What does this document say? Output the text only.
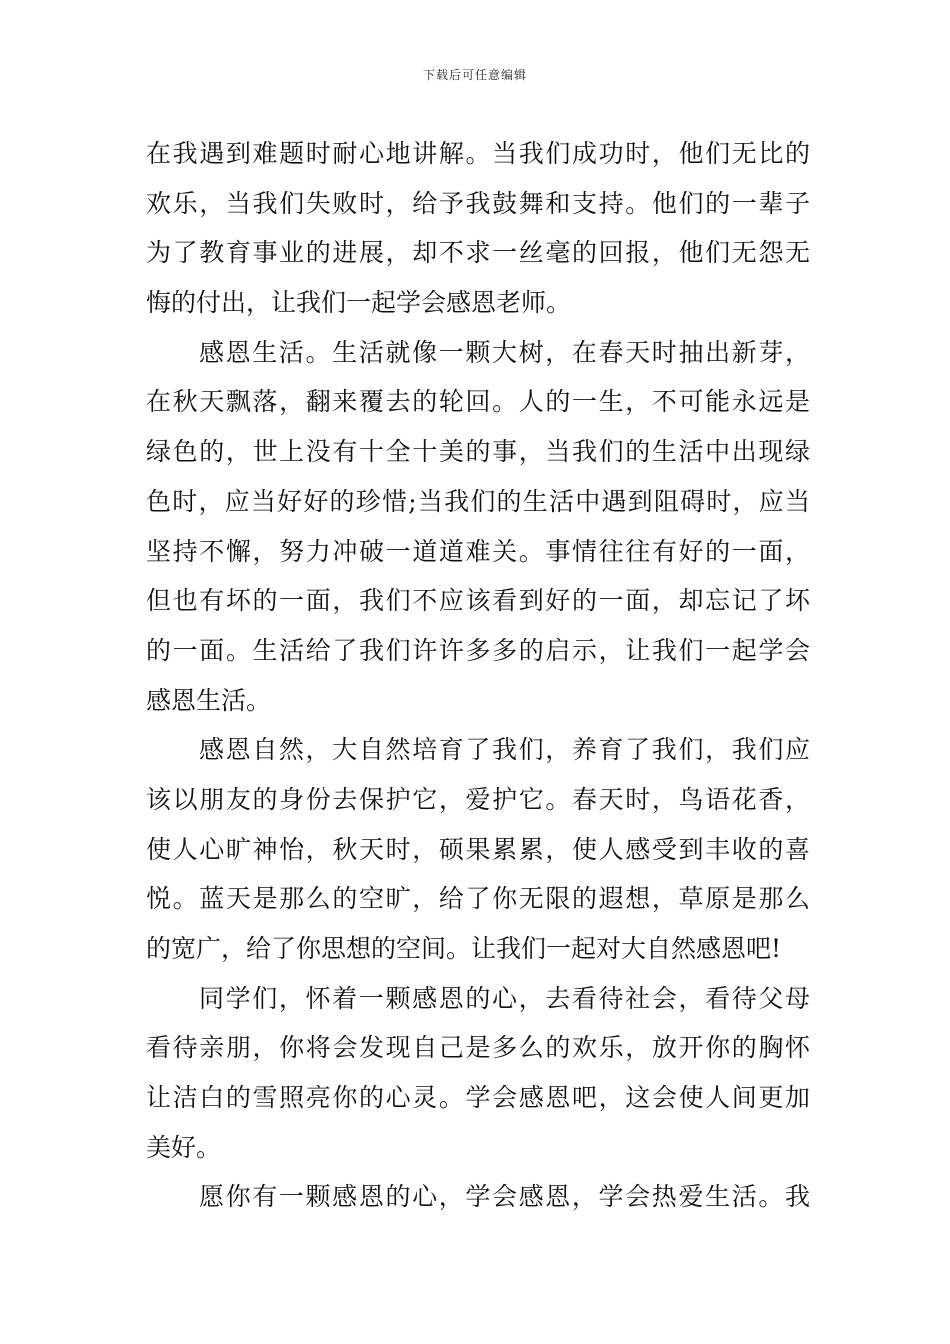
下载后可任意编辑
在我遇到难题时耐心地讲解。当我们成功时，他们无比的
欢乐，当我们失败时，给予我鼓舞和支持。他们的一辈子
为了教育事业的进展，却不求一丝毫的回报，他们无怨无
悔的付出，让我们一起学会感恩老师。
感恩生活。生活就像一颗大树，在春天时抽出新芽，
在秋天飘落，翻来覆去的轮回。人的一生，不可能永远是
绿色的，世上没有十全十美的事，当我们的生活中出现绿
色时，应当好好的珍惜;当我们的生活中遇到阻碍时，应当
坚持不懈，努力冲破一道道难关。事情往往有好的一面，
但也有坏的一面，我们不应该看到好的一面，却忘记了坏
的一面。生活给了我们许许多多的启示，让我们一起学会
感恩生活。
感恩自然，大自然培育了我们，养育了我们，我们应
该以朋友的身份去保护它，爱护它。春天时，鸟语花香，
使人心旷神怡，秋天时，硕果累累，使人感受到丰收的喜
悦。蓝天是那么的空旷，给了你无限的遐想，草原是那么
的宽广，给了你思想的空间。让我们一起对大自然感恩吧!
同学们，怀着一颗感恩的心，去看待社会，看待父母
看待亲朋，你将会发现自己是多么的欢乐，放开你的胸怀
让洁白的雪照亮你的心灵。学会感恩吧，这会使人间更加
美好。
愿你有一颗感恩的心，学会感恩，学会热爱生活。我
